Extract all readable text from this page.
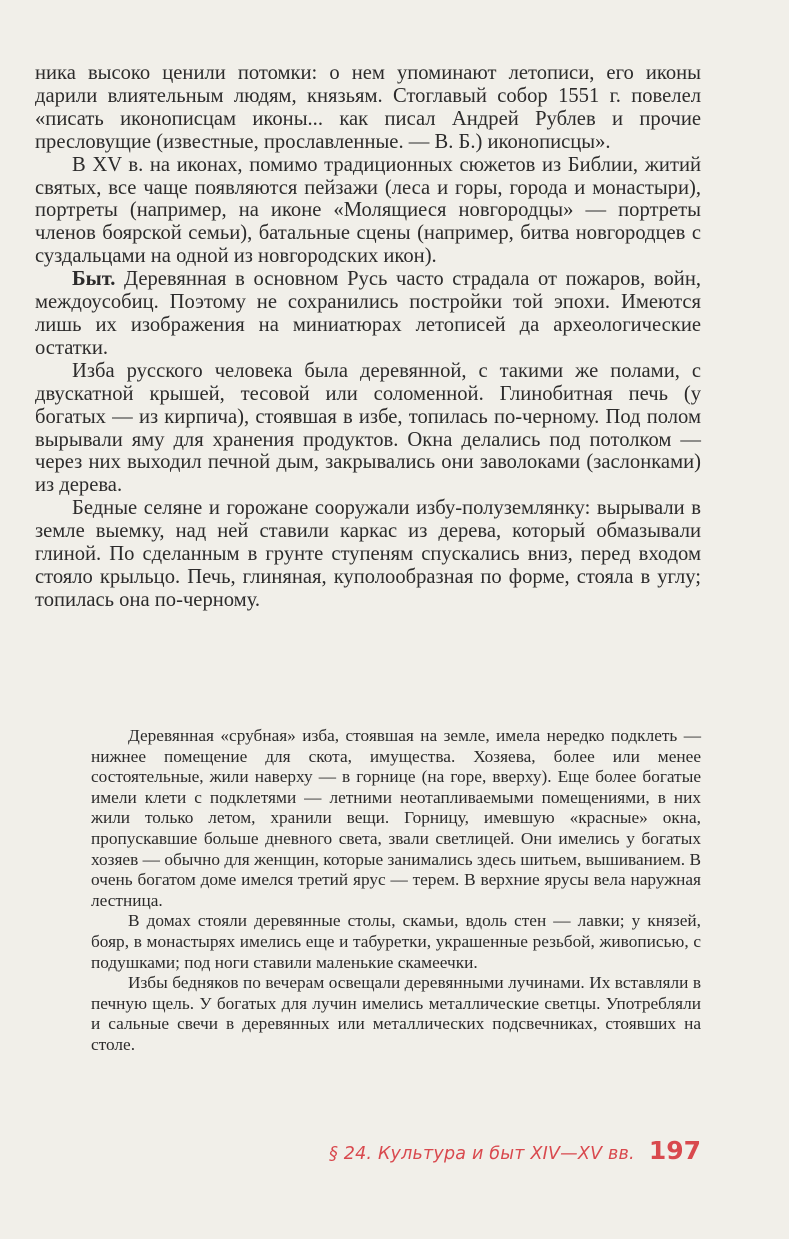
ника высоко ценили потомки: о нем упоминают летописи, его иконы дарили влиятельным людям, князьям. Стоглавый собор 1551 г. повелел «писать иконописцам иконы... как писал Андрей Рублев и прочие пресловущие (известные, прославленные. — В. Б.) иконописцы».

В XV в. на иконах, помимо традиционных сюжетов из Библии, житий святых, все чаще появляются пейзажи (леса и горы, города и монастыри), портреты (например, на иконе «Молящиеся новгородцы» — портреты членов боярской семьи), батальные сцены (например, битва новгородцев с суздальцами на одной из новгородских икон).

Быт. Деревянная в основном Русь часто страдала от пожаров, войн, междоусобиц. Поэтому не сохранились постройки той эпохи. Имеются лишь их изображения на миниатюрах летописей да археологические остатки.

Изба русского человека была деревянной, с такими же полами, с двускатной крышей, тесовой или соломенной. Глинобитная печь (у богатых — из кирпича), стоявшая в избе, топилась по-черному. Под полом вырывали яму для хранения продуктов. Окна делались под потолком — через них выходил печной дым, закрывались они заволоками (заслонками) из дерева.

Бедные селяне и горожане сооружали избу-полуземлянку: вырывали в земле выемку, над ней ставили каркас из дерева, который обмазывали глиной. По сделанным в грунте ступеням спускались вниз, перед входом стояло крыльцо. Печь, глиняная, куполообразная по форме, стояла в углу; топилась она по-черному.

Деревянная «срубная» изба, стоявшая на земле, имела нередко подклеть — нижнее помещение для скота, имущества. Хозяева, более или менее состоятельные, жили наверху — в горнице (на горе, вверху). Еще более богатые имели клети с подклетями — летними неотапливаемыми помещениями, в них жили только летом, хранили вещи. Горницу, имевшую «красные» окна, пропускавшие больше дневного света, звали светлицей. Они имелись у богатых хозяев — обычно для женщин, которые занимались здесь шитьем, вышиванием. В очень богатом доме имелся третий ярус — терем. В верхние ярусы вела наружная лестница.

В домах стояли деревянные столы, скамьи, вдоль стен — лавки; у князей, бояр, в монастырях имелись еще и табуретки, украшенные резьбой, живописью, с подушками; под ноги ставили маленькие скамеечки.

Избы бедняков по вечерам освещали деревянными лучинами. Их вставляли в печную щель. У богатых для лучин имелись металлические светцы. Употребляли и сальные свечи в деревянных или металлических подсвечниках, стоявших на столе.

§ 24. Культура и быт XIV—XV вв. 197
